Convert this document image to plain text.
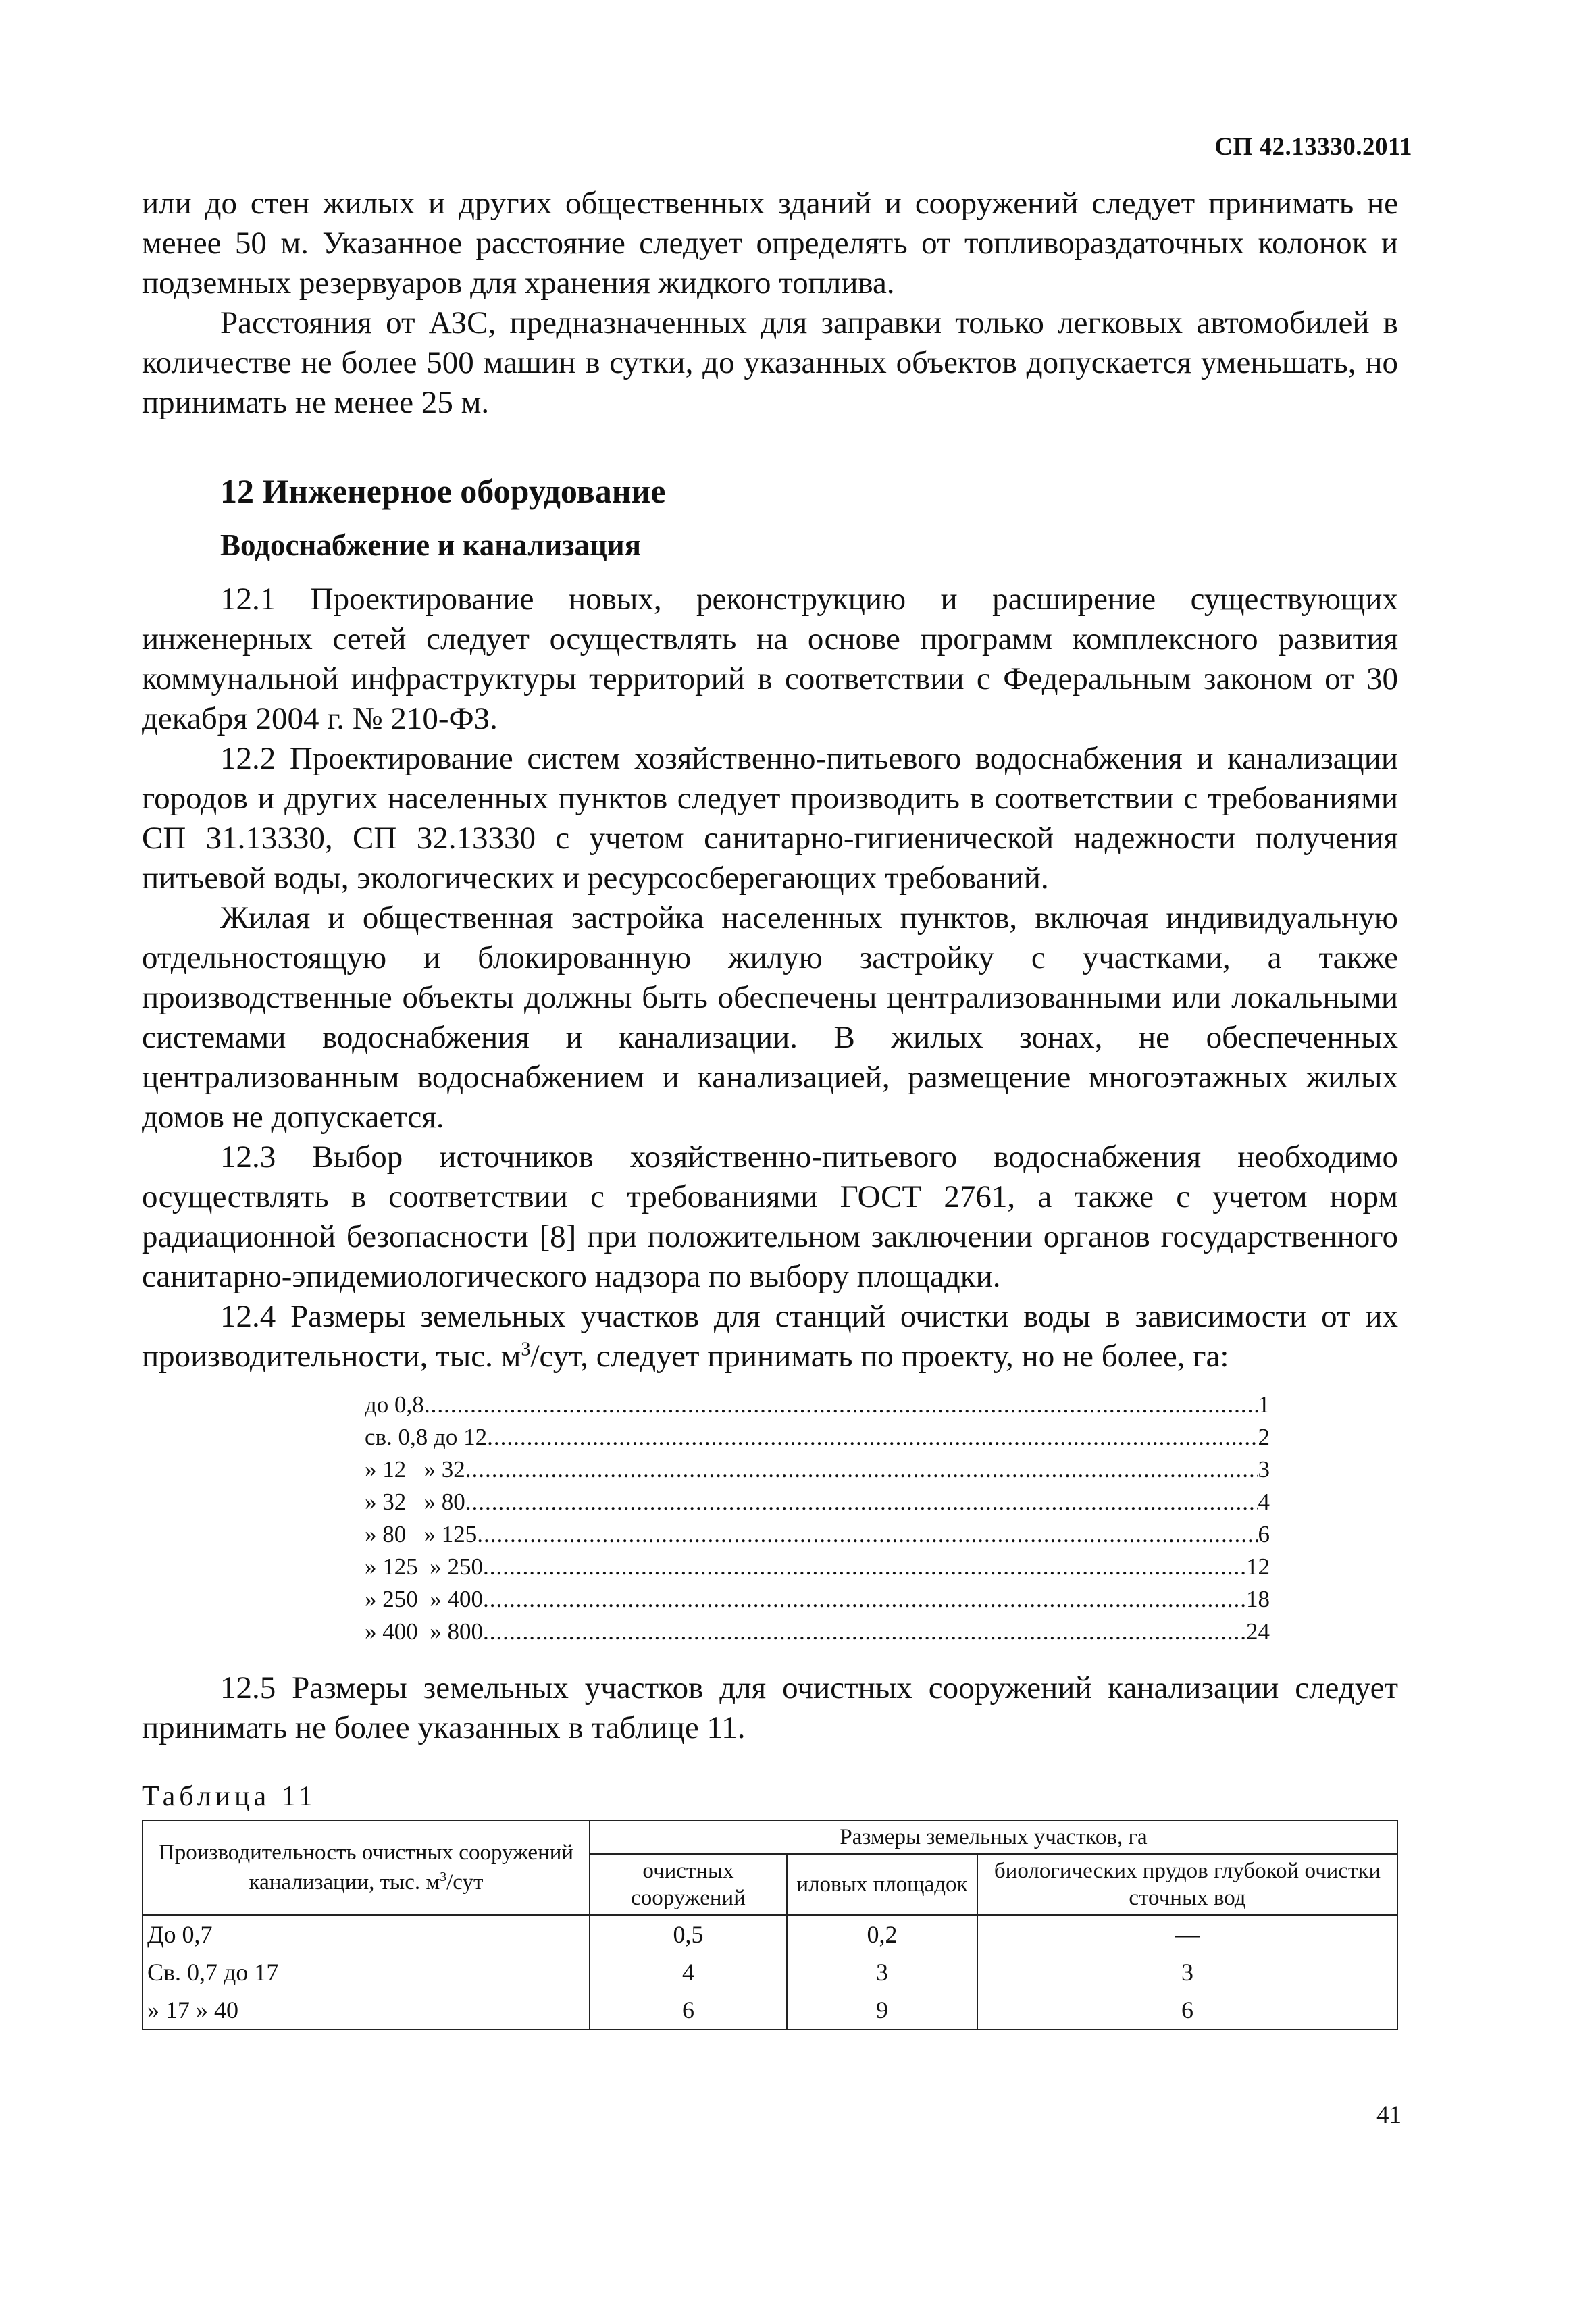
СП 42.13330.2011

или до стен жилых и других общественных зданий и сооружений следует принимать не менее 50 м. Указанное расстояние следует определять от топливораздаточных колонок и подземных резервуаров для хранения жидкого топлива.

Расстояния от АЗС, предназначенных для заправки только легковых автомобилей в количестве не более 500 машин в сутки, до указанных объектов допускается уменьшать, но принимать не менее 25 м.

12 Инженерное оборудование
Водоснабжение и канализация

12.1 Проектирование новых, реконструкцию и расширение существующих инженерных сетей следует осуществлять на основе программ комплексного развития коммунальной инфраструктуры территорий в соответствии с Федеральным законом от 30 декабря 2004 г. № 210-ФЗ.

12.2 Проектирование систем хозяйственно-питьевого водоснабжения и канализации городов и других населенных пунктов следует производить в соответствии с требованиями СП 31.13330, СП 32.13330 с учетом санитарно-гигиенической надежности получения питьевой воды, экологических и ресурсосберегающих требований.

Жилая и общественная застройка населенных пунктов, включая индивидуальную отдельностоящую и блокированную жилую застройку с участками, а также производственные объекты должны быть обеспечены централизованными или локальными системами водоснабжения и канализации. В жилых зонах, не обеспеченных централизованным водоснабжением и канализацией, размещение многоэтажных жилых домов не допускается.

12.3 Выбор источников хозяйственно-питьевого водоснабжения необходимо осуществлять в соответствии с требованиями ГОСТ 2761, а также с учетом норм радиационной безопасности [8] при положительном заключении органов государственного санитарно-эпидемиологического надзора по выбору площадки.

12.4 Размеры земельных участков для станций очистки воды в зависимости от их производительности, тыс. $м^3$/сут, следует принимать по проекту, но не более, га:

до 0,8 .....	1
св. 0,8 до 12 .....	2
» 12   » 32 .....	3
» 32   » 80 .....	4
» 80   » 125 .....	6
» 125  » 250 .....	12
» 250  » 400 .....	18
» 400  » 800 .....	24

12.5 Размеры земельных участков для очистных сооружений канализации следует принимать не более указанных в таблице 11.

Таблица 11
Производительность очистных сооружений канализации, тыс. $м^3$/сут	Размеры земельных участков, га		
	очистных сооружений	иловых площадок	биологических прудов глубокой очистки сточных вод
До 0,7	0,5	0,2	—
Св. 0,7 до 17	4	3	3
» 17 » 40	6	9	6
41
